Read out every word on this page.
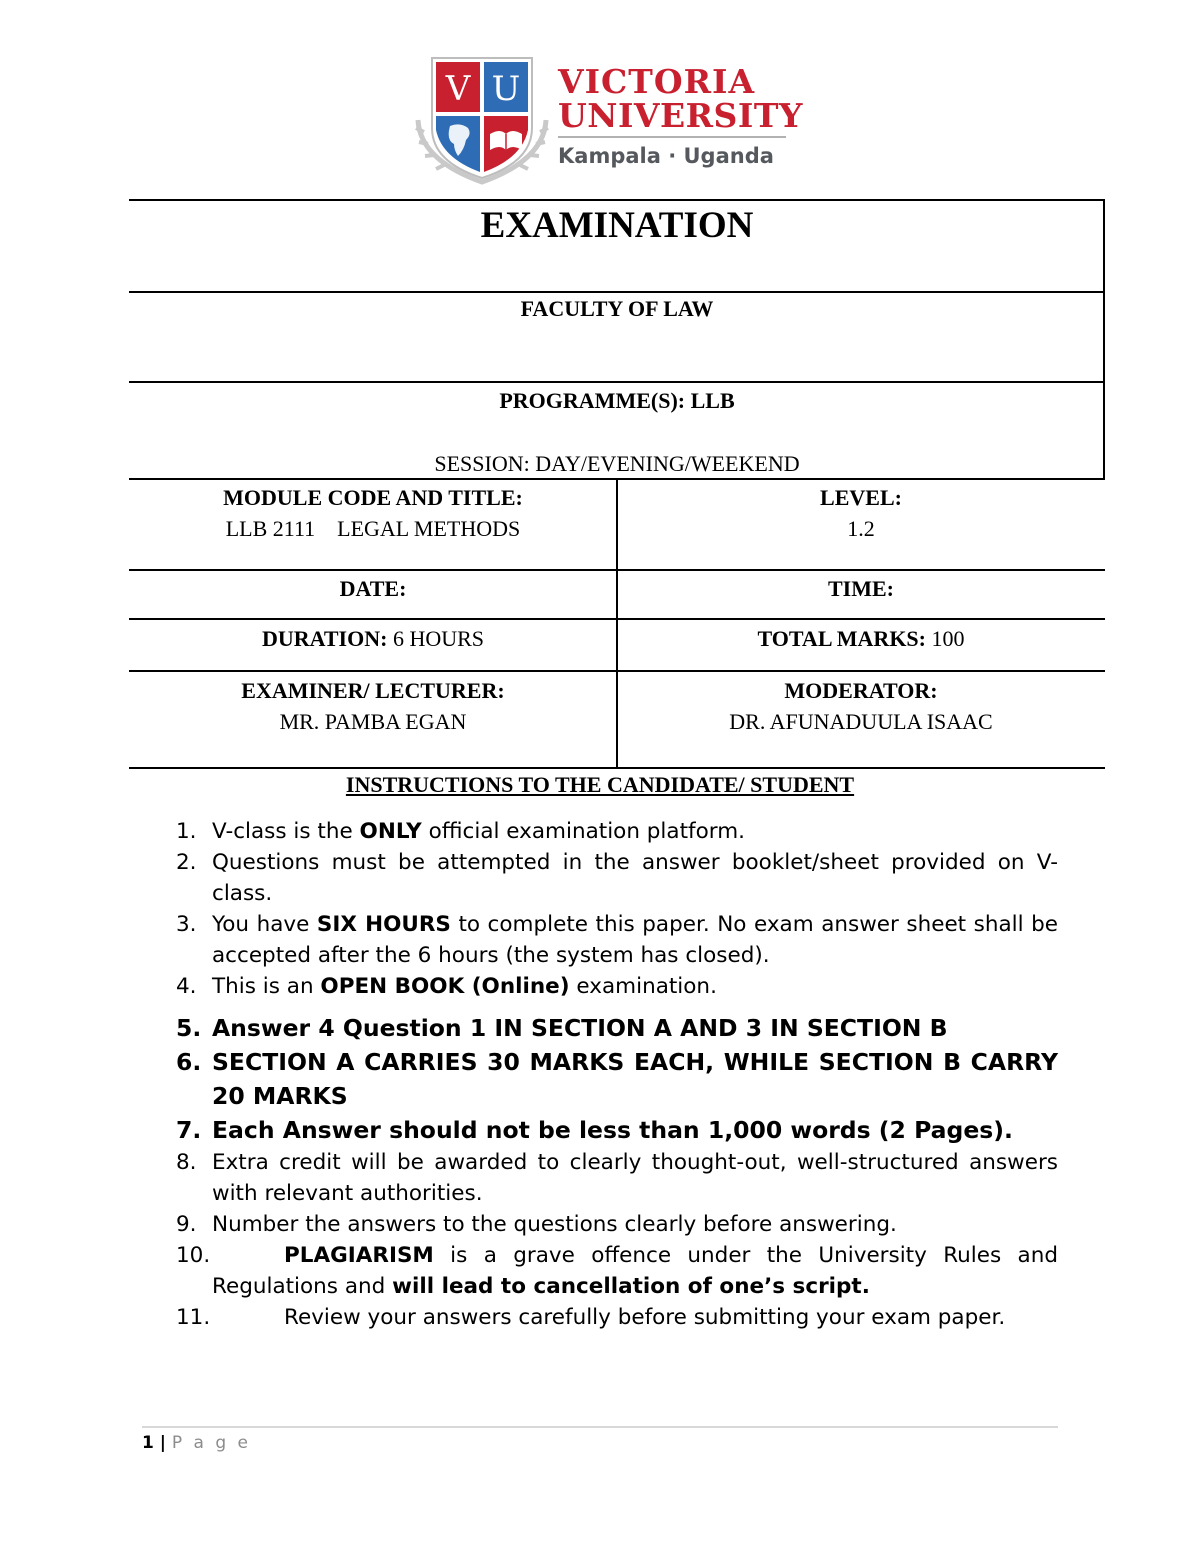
V U VICTORIA
UNIVERSITY
Kampala · Uganda
EXAMINATION
FACULTY OF LAW
PROGRAMME(S): LLB
SESSION: DAY/EVENING/WEEKEND
MODULE CODE AND TITLE:
LLB 2111    LEGAL METHODS
LEVEL:
1.2
DATE:	TIME:
DURATION: 6 HOURS	TOTAL MARKS: 100
EXAMINER/ LECTURER:
MR. PAMBA EGAN
MODERATOR:
DR. AFUNADUULA ISAAC
INSTRUCTIONS TO THE CANDIDATE/ STUDENT
1. V-class is the ONLY official examination platform.
2. Questions must be attempted in the answer booklet/sheet provided on V-class.
3. You have SIX HOURS to complete this paper. No exam answer sheet shall be accepted after the 6 hours (the system has closed).
4. This is an OPEN BOOK (Online) examination.
5. Answer 4 Question 1 IN SECTION A AND 3 IN SECTION B
6. SECTION A CARRIES 30 MARKS EACH, WHILE SECTION B CARRY 20 MARKS
7. Each Answer should not be less than 1,000 words (2 Pages).
8. Extra credit will be awarded to clearly thought-out, well-structured answers with relevant authorities.
9. Number the answers to the questions clearly before answering.
10.	PLAGIARISM is a grave offence under the University Rules and Regulations and will lead to cancellation of one’s script.
11.	Review your answers carefully before submitting your exam paper.
1 | P a g e
